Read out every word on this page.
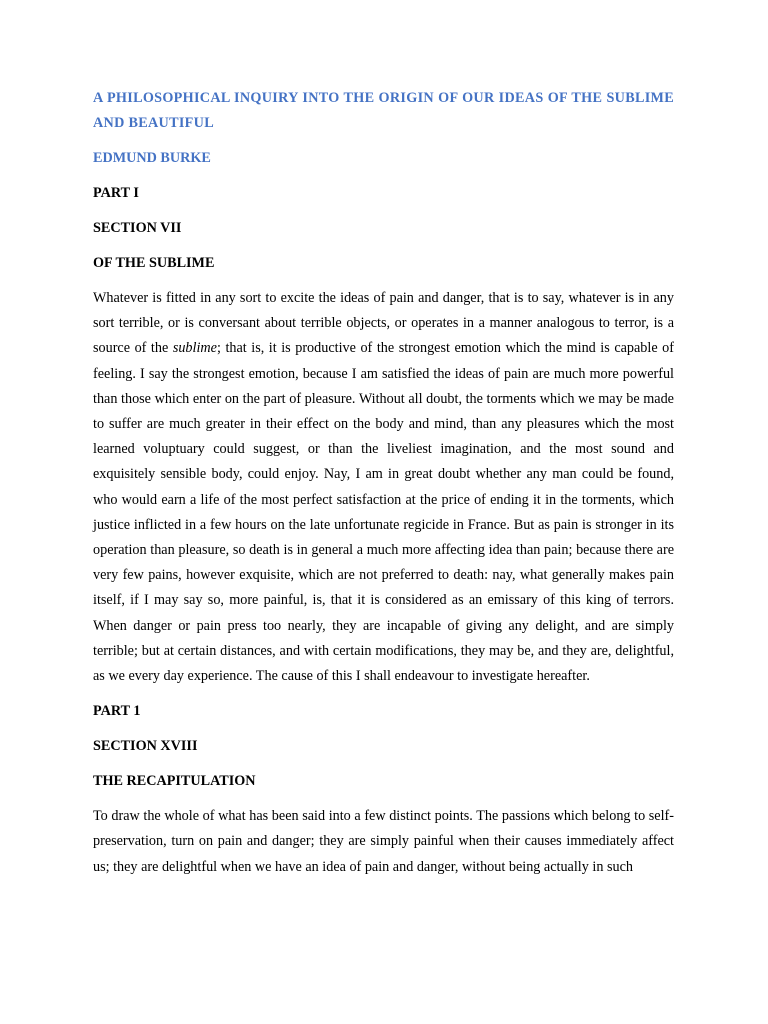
A PHILOSOPHICAL INQUIRY INTO THE ORIGIN OF OUR IDEAS OF THE SUBLIME AND BEAUTIFUL

EDMUND BURKE

PART I

SECTION VII

OF THE SUBLIME

Whatever is fitted in any sort to excite the ideas of pain and danger, that is to say, whatever is in any sort terrible, or is conversant about terrible objects, or operates in a manner analogous to terror, is a source of the sublime; that is, it is productive of the strongest emotion which the mind is capable of feeling. I say the strongest emotion, because I am satisfied the ideas of pain are much more powerful than those which enter on the part of pleasure. Without all doubt, the torments which we may be made to suffer are much greater in their effect on the body and mind, than any pleasures which the most learned voluptuary could suggest, or than the liveliest imagination, and the most sound and exquisitely sensible body, could enjoy. Nay, I am in great doubt whether any man could be found, who would earn a life of the most perfect satisfaction at the price of ending it in the torments, which justice inflicted in a few hours on the late unfortunate regicide in France. But as pain is stronger in its operation than pleasure, so death is in general a much more affecting idea than pain; because there are very few pains, however exquisite, which are not preferred to death: nay, what generally makes pain itself, if I may say so, more painful, is, that it is considered as an emissary of this king of terrors. When danger or pain press too nearly, they are incapable of giving any delight, and are simply terrible; but at certain distances, and with certain modifications, they may be, and they are, delightful, as we every day experience. The cause of this I shall endeavour to investigate hereafter.

PART 1

SECTION XVIII

THE RECAPITULATION

To draw the whole of what has been said into a few distinct points. The passions which belong to self-preservation, turn on pain and danger; they are simply painful when their causes immediately affect us; they are delightful when we have an idea of pain and danger, without being actually in such
